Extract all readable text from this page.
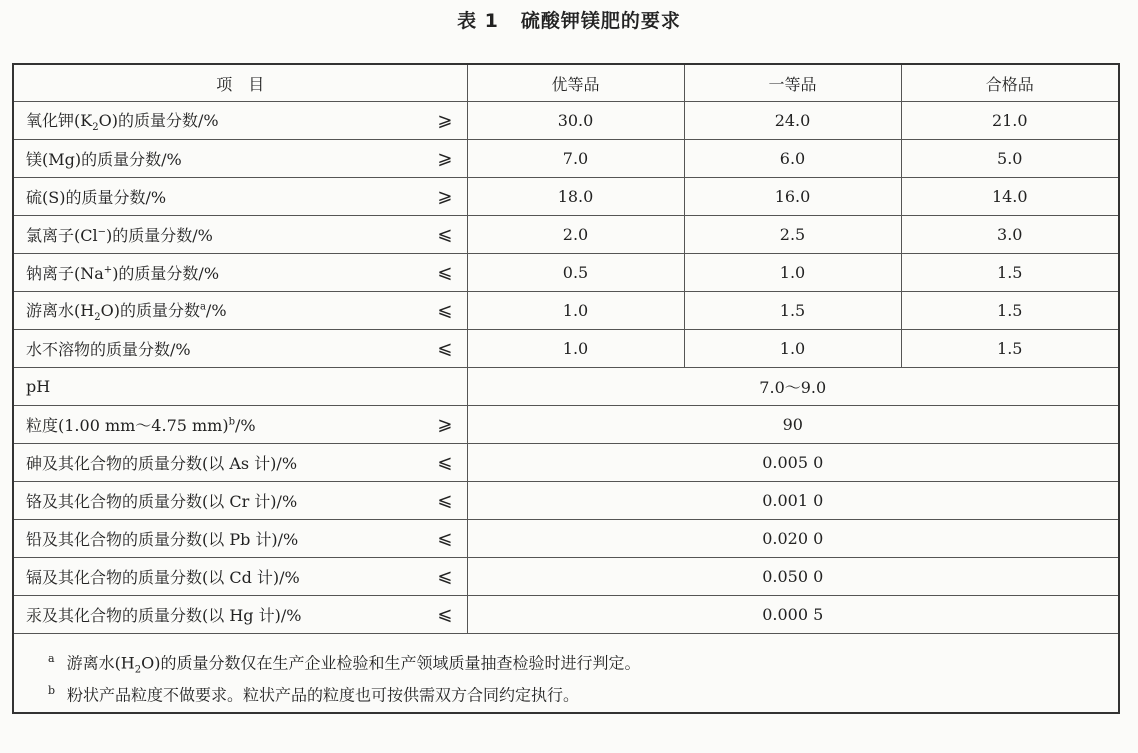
表 1 硫酸钾镁肥的要求
项　目	优等品	一等品	合格品

氧化钾$(K_2O)$的质量分数/% ⩾	30.0	24.0	21.0

镁(Mg)的质量分数/% ⩾	7.0	6.0	5.0

硫(S)的质量分数/% ⩾	18.0	16.0	14.0

氯离子(Cl−)的质量分数/% ⩽	2.0	2.5	3.0

钠离子(Na+)的质量分数/% ⩽	0.5	1.0	1.5

游离水$(H_2O)$的质量分数$^a$/% ⩽	1.0	1.5	1.5

水不溶物的质量分数/% ⩽	1.0	1.0	1.5

pH	7.0～9.0		

粒度(1.00 mm～4.75 mm)$^b$/% ⩾	90		

砷及其化合物的质量分数(以 As 计)/% ⩽	0.005 0		

铬及其化合物的质量分数(以 Cr 计)/% ⩽	0.001 0		

铅及其化合物的质量分数(以 Pb 计)/% ⩽	0.020 0		

镉及其化合物的质量分数(以 Cd 计)/% ⩽	0.050 0		

汞及其化合物的质量分数(以 Hg 计)/% ⩽	0.000 5		

$^a$ 游离水$(H_2O)$的质量分数仅在生产企业检验和生产领域质量抽查检验时进行判定。
$^b$ 粉状产品粒度不做要求。粒状产品的粒度也可按供需双方合同约定执行。			
